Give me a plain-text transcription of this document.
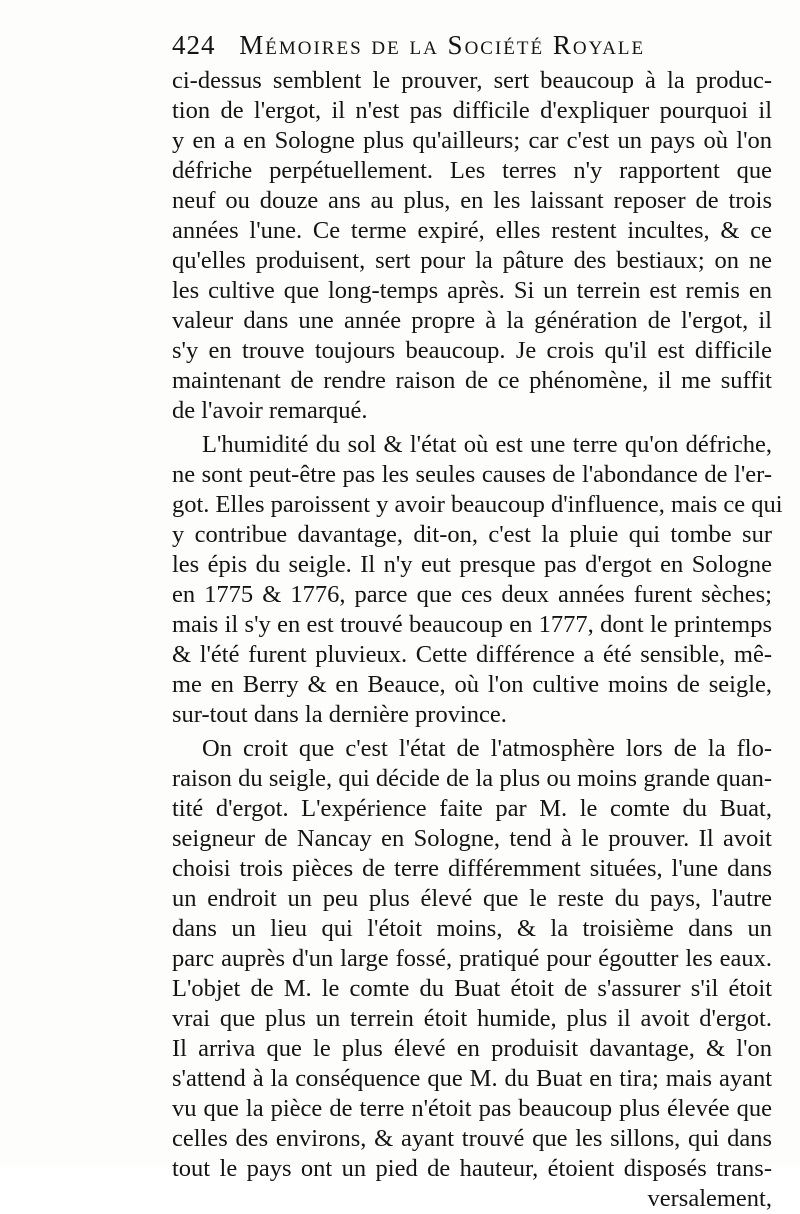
424 Mémoires de la Société Royale
ci-dessus semblent le prouver, sert beaucoup à la produc-
tion de l'ergot, il n'est pas difficile d'expliquer pourquoi il
y en a en Sologne plus qu'ailleurs; car c'est un pays où l'on
défriche perpétuellement. Les terres n'y rapportent que
neuf ou douze ans au plus, en les laissant reposer de trois
années l'une. Ce terme expiré, elles restent incultes, & ce
qu'elles produisent, sert pour la pâture des bestiaux; on ne
les cultive que long-temps après. Si un terrein est remis en
valeur dans une année propre à la génération de l'ergot, il
s'y en trouve toujours beaucoup. Je crois qu'il est difficile
maintenant de rendre raison de ce phénomène, il me suffit
de l'avoir remarqué.
L'humidité du sol & l'état où est une terre qu'on défriche,
ne sont peut-être pas les seules causes de l'abondance de l'er-
got. Elles paroissent y avoir beaucoup d'influence, mais ce qui
y contribue davantage, dit-on, c'est la pluie qui tombe sur
les épis du seigle. Il n'y eut presque pas d'ergot en Sologne
en 1775 & 1776, parce que ces deux années furent sèches;
mais il s'y en est trouvé beaucoup en 1777, dont le printemps
& l'été furent pluvieux. Cette différence a été sensible, mê-
me en Berry & en Beauce, où l'on cultive moins de seigle,
sur-tout dans la dernière province.
On croit que c'est l'état de l'atmosphère lors de la flo-
raison du seigle, qui décide de la plus ou moins grande quan-
tité d'ergot. L'expérience faite par M. le comte du Buat,
seigneur de Nancay en Sologne, tend à le prouver. Il avoit
choisi trois pièces de terre différemment situées, l'une dans
un endroit un peu plus élevé que le reste du pays, l'autre
dans un lieu qui l'étoit moins, & la troisième dans un
parc auprès d'un large fossé, pratiqué pour égoutter les eaux.
L'objet de M. le comte du Buat étoit de s'assurer s'il étoit
vrai que plus un terrein étoit humide, plus il avoit d'ergot.
Il arriva que le plus élevé en produisit davantage, & l'on
s'attend à la conséquence que M. du Buat en tira; mais ayant
vu que la pièce de terre n'étoit pas beaucoup plus élevée que
celles des environs, & ayant trouvé que les sillons, qui dans
tout le pays ont un pied de hauteur, étoient disposés trans-
versalement,
